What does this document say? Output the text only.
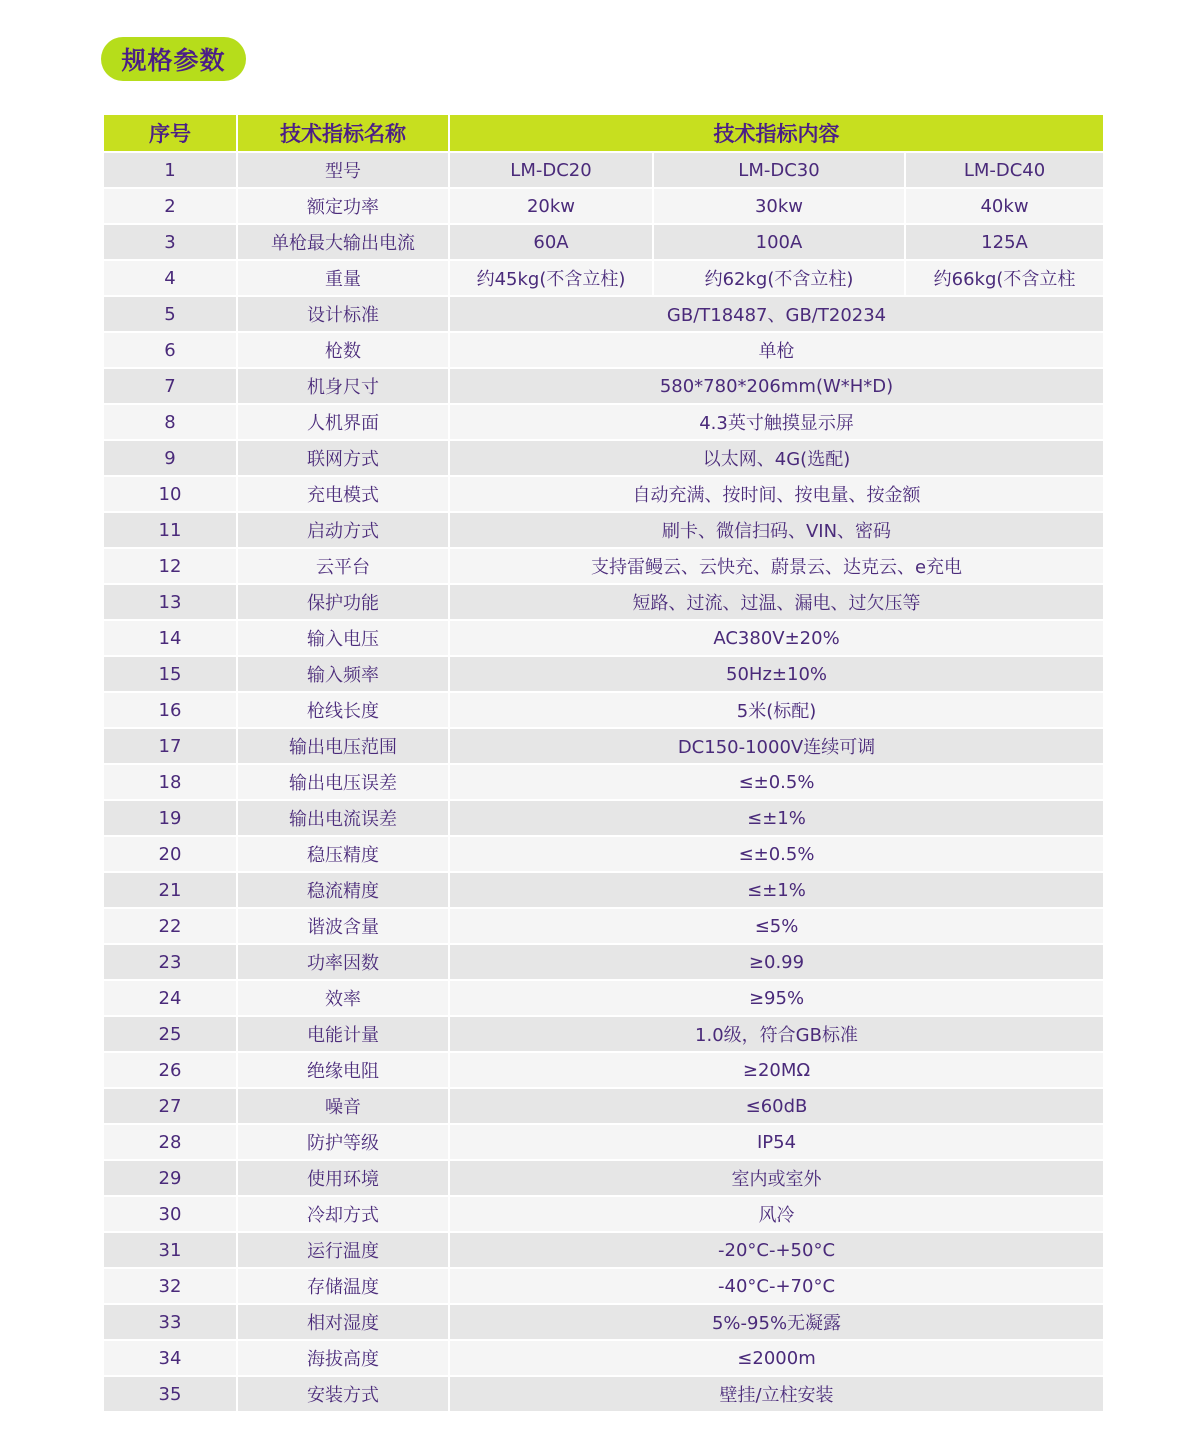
规格参数
序号	技术指标名称	技术指标内容		
1	型号	LM-DC20	LM-DC30	LM-DC40
2	额定功率	20kw	30kw	40kw
3	单枪最大输出电流	60A	100A	125A
4	重量	约45kg(不含立柱)	约62kg(不含立柱)	约66kg(不含立柱
5	设计标准	GB/T18487、GB/T20234		
6	枪数	单枪		
7	机身尺寸	580*780*206mm(W*H*D)		
8	人机界面	4.3英寸触摸显示屏		
9	联网方式	以太网、4G(选配)		
10	充电模式	自动充满、按时间、按电量、按金额		
11	启动方式	刷卡、微信扫码、VIN、密码		
12	云平台	支持雷鳗云、云快充、蔚景云、达克云、e充电		
13	保护功能	短路、过流、过温、漏电、过欠压等		
14	输入电压	AC380V±20%		
15	输入频率	50Hz±10%		
16	枪线长度	5米(标配)		
17	输出电压范围	DC150-1000V连续可调		
18	输出电压误差	≤±0.5%		
19	输出电流误差	≤±1%		
20	稳压精度	≤±0.5%		
21	稳流精度	≤±1%		
22	谐波含量	≤5%		
23	功率因数	≥0.99		
24	效率	≥95%		
25	电能计量	1.0级，符合GB标准		
26	绝缘电阻	≥20MΩ		
27	噪音	≤60dB		
28	防护等级	IP54		
29	使用环境	室内或室外		
30	冷却方式	风冷		
31	运行温度	-20°C-+50°C		
32	存储温度	-40°C-+70°C		
33	相对湿度	5%-95%无凝露		
34	海拔高度	≤2000m		
35	安装方式	壁挂/立柱安装		
